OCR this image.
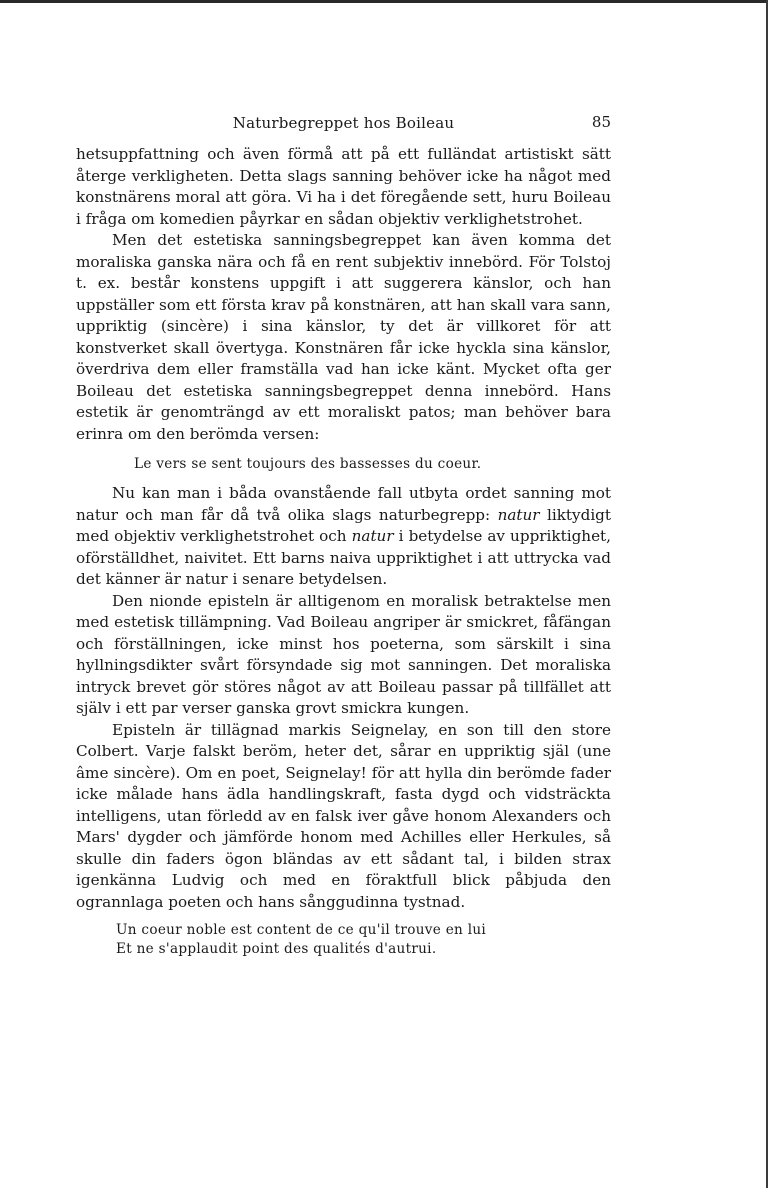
Naturbegreppet hos Boileau	85

hetsuppfattning och även förmå att på ett fulländat artistiskt sätt återge verkligheten. Detta slags sanning behöver icke ha något med konstnärens moral att göra. Vi ha i det föregående sett, huru Boileau i fråga om komedien påyrkar en sådan objektiv verklighetstrohet.

Men det estetiska sanningsbegreppet kan även komma det moraliska ganska nära och få en rent subjektiv innebörd. För Tolstoj t. ex. består konstens uppgift i att suggerera känslor, och han uppställer som ett första krav på konstnären, att han skall vara sann, uppriktig (sincère) i sina känslor, ty det är villkoret för att konstverket skall övertyga. Konstnären får icke hyckla sina känslor, överdriva dem eller framställa vad han icke känt. Mycket ofta ger Boileau det estetiska sanningsbegreppet denna innebörd. Hans estetik är genomträngd av ett moraliskt patos; man behöver bara erinra om den berömda versen:

Le vers se sent toujours des bassesses du coeur.

Nu kan man i båda ovanstående fall utbyta ordet sanning mot natur och man får då två olika slags naturbegrepp: natur liktydigt med objektiv verklighetstrohet och natur i betydelse av uppriktighet, oförställdhet, naivitet. Ett barns naiva uppriktighet i att uttrycka vad det känner är natur i senare betydelsen.

Den nionde episteln är alltigenom en moralisk betraktelse men med estetisk tillämpning. Vad Boileau angriper är smickret, fåfängan och förställningen, icke minst hos poeterna, som särskilt i sina hyllningsdikter svårt försyndade sig mot sanningen. Det moraliska intryck brevet gör störes något av att Boileau passar på tillfället att själv i ett par verser ganska grovt smickra kungen.

Episteln är tillägnad markis Seignelay, en son till den store Colbert. Varje falskt beröm, heter det, sårar en uppriktig själ (une âme sincère). Om en poet, Seignelay! för att hylla din berömde fader icke målade hans ädla handlingskraft, fasta dygd och vidsträckta intelligens, utan förledd av en falsk iver gåve honom Alexanders och Mars' dygder och jämförde honom med Achilles eller Herkules, så skulle din faders ögon bländas av ett sådant tal, i bilden strax igenkänna Ludvig och med en föraktfull blick påbjuda den ogrannlaga poeten och hans sånggudinna tystnad.

Un coeur noble est content de ce qu'il trouve en lui
Et ne s'applaudit point des qualités d'autrui.
